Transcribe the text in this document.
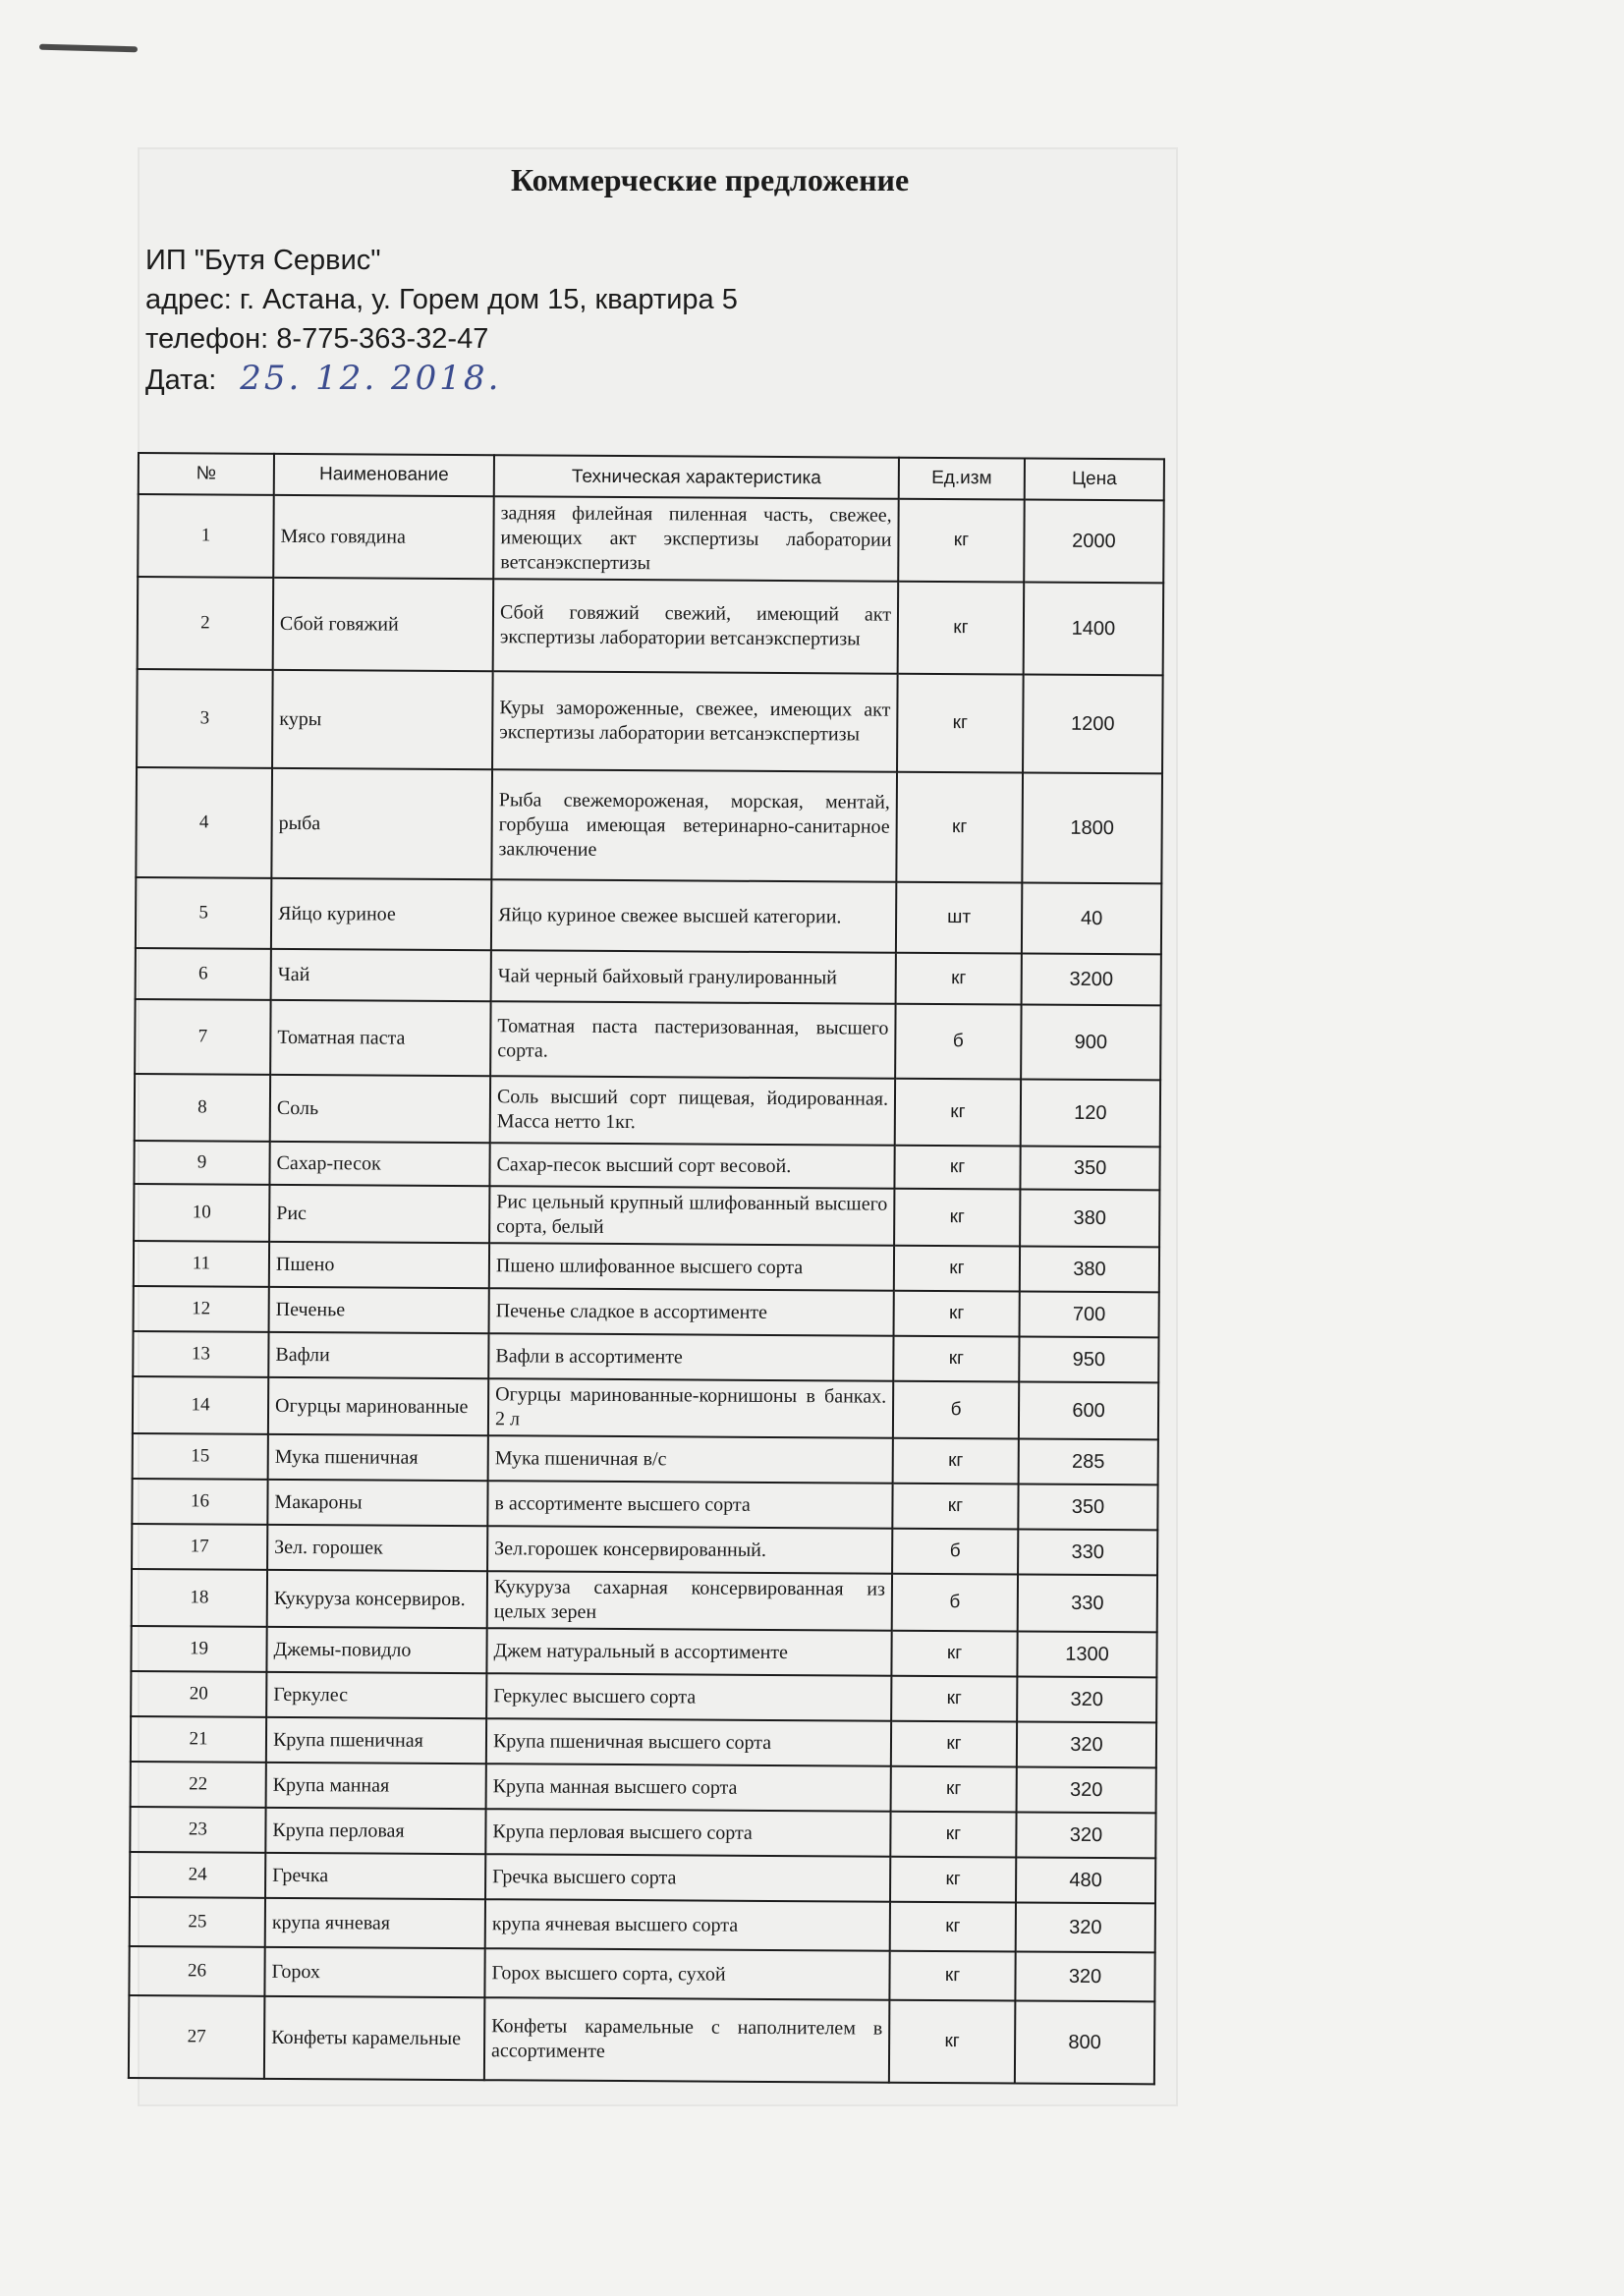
Коммерческие предложение
ИП "Бутя Сервис"
адрес: г. Астана, у. Горем дом 15, квартира 5
телефон: 8-775-363-32-47
Дата: 25. 12. 2018.
№	Наименование	Техническая характеристика	Ед.изм	Цена
1	Мясо говядина	задняя филейная пиленная часть, свежее, имеющих акт экспертизы лаборатории ветсанэкспертизы	кг	2000
2	Сбой говяжий	Сбой говяжий свежий, имеющий акт экспертизы лаборатории ветсанэкспертизы	кг	1400
3	куры	Куры замороженные, свежее, имеющих акт экспертизы лаборатории ветсанэкспертизы	кг	1200
4	рыба	Рыба свежемороженая, морская, ментай, горбуша имеющая ветеринарно-санитарное заключение	кг	1800
5	Яйцо куриное	Яйцо куриное свежее высшей категории.	шт	40
6	Чай	Чай черный байховый гранулированный	кг	3200
7	Томатная паста	Томатная паста пастеризованная, высшего сорта.	б	900
8	Соль	Соль высший сорт пищевая, йодированная. Масса нетто 1кг.	кг	120
9	Сахар-песок	Сахар-песок высший сорт весовой.	кг	350
10	Рис	Рис цельный крупный шлифованный высшего сорта, белый	кг	380
11	Пшено	Пшено шлифованное высшего сорта	кг	380
12	Печенье	Печенье сладкое в ассортименте	кг	700
13	Вафли	Вафли в ассортименте	кг	950
14	Огурцы маринованные	Огурцы маринованные-корнишоны в банках. 2 л	б	600
15	Мука пшеничная	Мука пшеничная в/с	кг	285
16	Макароны	в ассортименте высшего сорта	кг	350
17	Зел. горошек	Зел.горошек консервированный.	б	330
18	Кукуруза консервиров.	Кукуруза сахарная консервированная из целых зерен	б	330
19	Джемы-повидло	Джем натуральный в ассортименте	кг	1300
20	Геркулес	Геркулес высшего сорта	кг	320
21	Крупа пшеничная	Крупа пшеничная высшего сорта	кг	320
22	Крупа манная	Крупа манная высшего сорта	кг	320
23	Крупа перловая	Крупа перловая высшего сорта	кг	320
24	Гречка	Гречка высшего сорта	кг	480
25	крупа ячневая	крупа ячневая высшего сорта	кг	320
26	Горох	Горох высшего сорта, сухой	кг	320
27	Конфеты карамельные	Конфеты карамельные с наполнителем в ассортименте	кг	800
